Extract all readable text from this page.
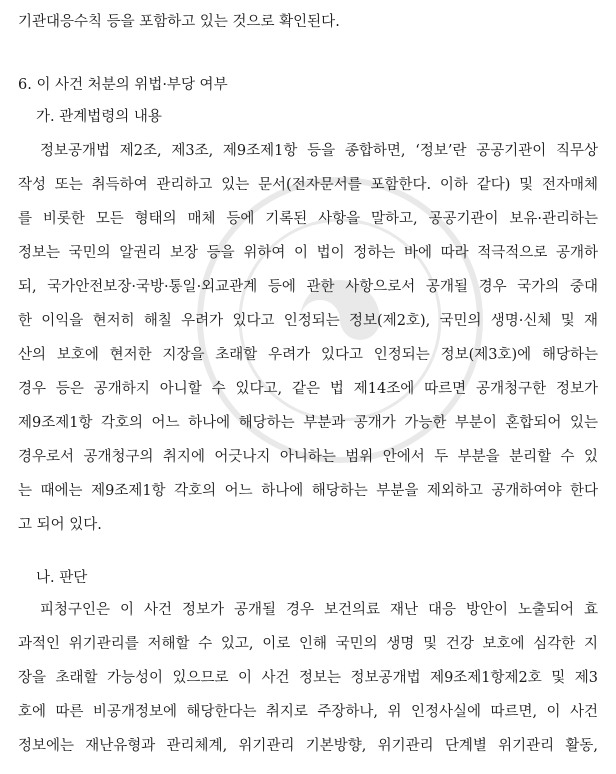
기관대응수칙 등을 포함하고 있는 것으로 확인된다.
6. 이 사건 처분의 위법·부당 여부
가. 관계법령의 내용
정보공개법 제2조, 제3조, 제9조제1항 등을 종합하면, ‘정보’란 공공기관이 직무상
작성 또는 취득하여 관리하고 있는 문서(전자문서를 포함한다. 이하 같다) 및 전자매체
를 비롯한 모든 형태의 매체 등에 기록된 사항을 말하고, 공공기관이 보유·관리하는
정보는 국민의 알권리 보장 등을 위하여 이 법이 정하는 바에 따라 적극적으로 공개하
되, 국가안전보장·국방·통일·외교관계 등에 관한 사항으로서 공개될 경우 국가의 중대
한 이익을 현저히 해칠 우려가 있다고 인정되는 정보(제2호), 국민의 생명·신체 및 재
산의 보호에 현저한 지장을 초래할 우려가 있다고 인정되는 정보(제3호)에 해당하는
경우 등은 공개하지 아니할 수 있다고, 같은 법 제14조에 따르면 공개청구한 정보가
제9조제1항 각호의 어느 하나에 해당하는 부분과 공개가 가능한 부분이 혼합되어 있는
경우로서 공개청구의 취지에 어긋나지 아니하는 범위 안에서 두 부분을 분리할 수 있
는 때에는 제9조제1항 각호의 어느 하나에 해당하는 부분을 제외하고 공개하여야 한다
고 되어 있다.
나. 판단
피청구인은 이 사건 정보가 공개될 경우 보건의료 재난 대응 방안이 노출되어 효
과적인 위기관리를 저해할 수 있고, 이로 인해 국민의 생명 및 건강 보호에 심각한 지
장을 초래할 가능성이 있으므로 이 사건 정보는 정보공개법 제9조제1항제2호 및 제3
호에 따른 비공개정보에 해당한다는 취지로 주장하나, 위 인정사실에 따르면, 이 사건
정보에는 재난유형과 관리체계, 위기관리 기본방향, 위기관리 단계별 위기관리 활동,
